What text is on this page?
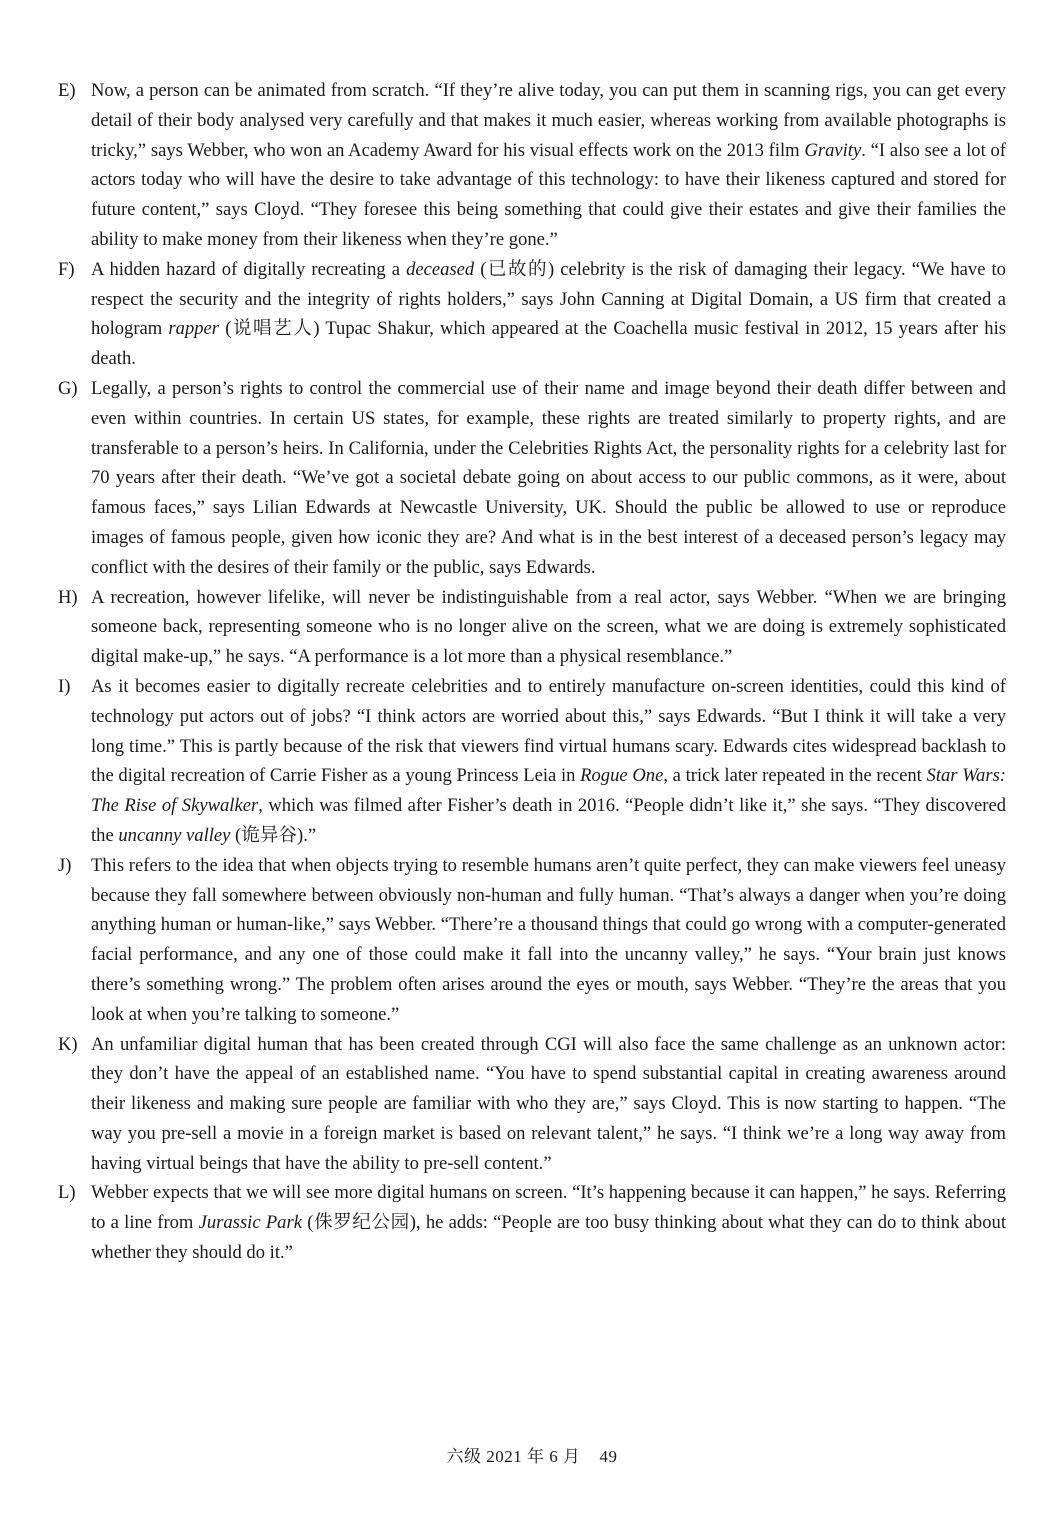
E) Now, a person can be animated from scratch. “If they’re alive today, you can put them in scanning rigs, you can get every detail of their body analysed very carefully and that makes it much easier, whereas working from available photographs is tricky,” says Webber, who won an Academy Award for his visual effects work on the 2013 film Gravity. “I also see a lot of actors today who will have the desire to take advantage of this technology: to have their likeness captured and stored for future content,” says Cloyd. “They foresee this being something that could give their estates and give their families the ability to make money from their likeness when they’re gone.”
F) A hidden hazard of digitally recreating a deceased (已故的) celebrity is the risk of damaging their legacy. “We have to respect the security and the integrity of rights holders,” says John Canning at Digital Domain, a US firm that created a hologram rapper (说唱艺人) Tupac Shakur, which appeared at the Coachella music festival in 2012, 15 years after his death.
G) Legally, a person’s rights to control the commercial use of their name and image beyond their death differ between and even within countries. In certain US states, for example, these rights are treated similarly to property rights, and are transferable to a person’s heirs. In California, under the Celebrities Rights Act, the personality rights for a celebrity last for 70 years after their death. “We’ve got a societal debate going on about access to our public commons, as it were, about famous faces,” says Lilian Edwards at Newcastle University, UK. Should the public be allowed to use or reproduce images of famous people, given how iconic they are? And what is in the best interest of a deceased person’s legacy may conflict with the desires of their family or the public, says Edwards.
H) A recreation, however lifelike, will never be indistinguishable from a real actor, says Webber. “When we are bringing someone back, representing someone who is no longer alive on the screen, what we are doing is extremely sophisticated digital make-up,” he says. “A performance is a lot more than a physical resemblance.”
I) As it becomes easier to digitally recreate celebrities and to entirely manufacture on-screen identities, could this kind of technology put actors out of jobs? “I think actors are worried about this,” says Edwards. “But I think it will take a very long time.” This is partly because of the risk that viewers find virtual humans scary. Edwards cites widespread backlash to the digital recreation of Carrie Fisher as a young Princess Leia in Rogue One, a trick later repeated in the recent Star Wars: The Rise of Skywalker, which was filmed after Fisher’s death in 2016. “People didn’t like it,” she says. “They discovered the uncanny valley (诡异谷).”
J) This refers to the idea that when objects trying to resemble humans aren’t quite perfect, they can make viewers feel uneasy because they fall somewhere between obviously non-human and fully human. “That’s always a danger when you’re doing anything human or human-like,” says Webber. “There’re a thousand things that could go wrong with a computer-generated facial performance, and any one of those could make it fall into the uncanny valley,” he says. “Your brain just knows there’s something wrong.” The problem often arises around the eyes or mouth, says Webber. “They’re the areas that you look at when you’re talking to someone.”
K) An unfamiliar digital human that has been created through CGI will also face the same challenge as an unknown actor: they don’t have the appeal of an established name. “You have to spend substantial capital in creating awareness around their likeness and making sure people are familiar with who they are,” says Cloyd. This is now starting to happen. “The way you pre-sell a movie in a foreign market is based on relevant talent,” he says. “I think we’re a long way away from having virtual beings that have the ability to pre-sell content.”
L) Webber expects that we will see more digital humans on screen. “It’s happening because it can happen,” he says. Referring to a line from Jurassic Park (侏罗纪公园), he adds: “People are too busy thinking about what they can do to think about whether they should do it.”
六级 2021 年 6 月 49
